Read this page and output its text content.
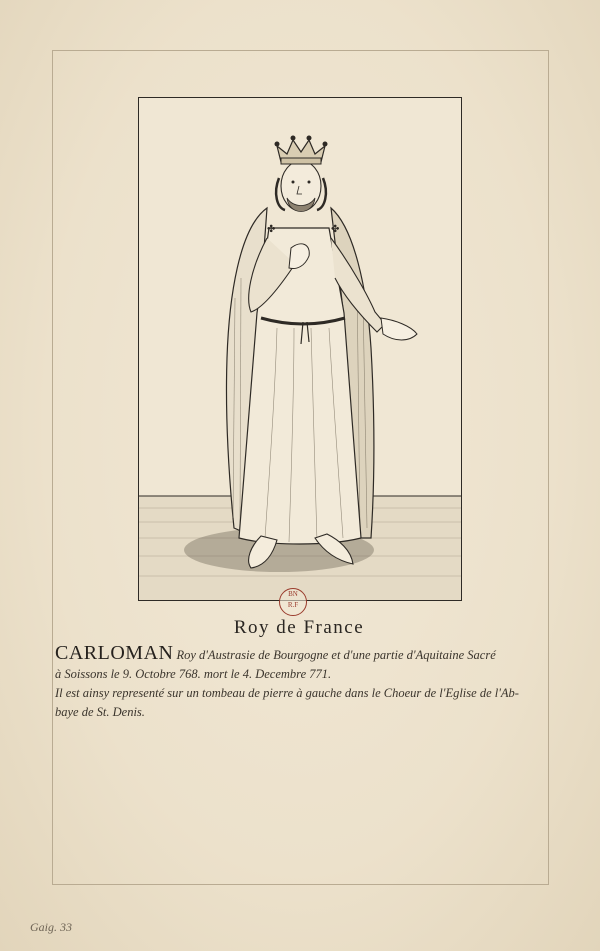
✤	✤
BN
R.F
Roy de France

CARLOMAN Roy d'Austrasie de Bourgogne et d'une partie d'Aquitaine Sacré

à Soissons le 9. Octobre 768. mort le 4. Decembre 771.

Il est ainsy representé sur un tombeau de pierre à gauche dans le Choeur de l'Eglise de l'Ab-

baye de St. Denis.

Gaig. 33
